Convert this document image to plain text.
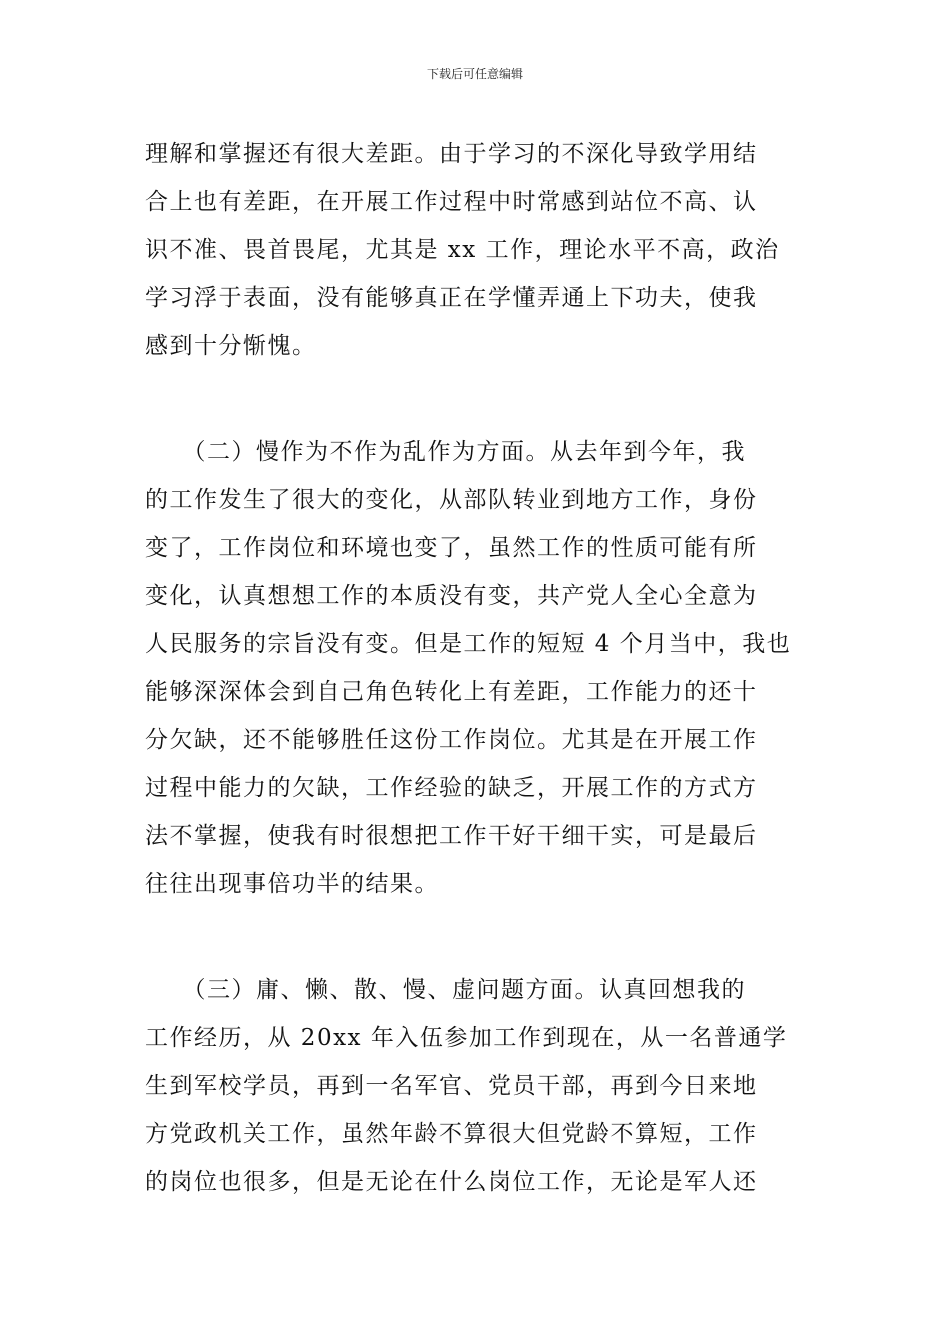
下载后可任意编辑
理解和掌握还有很大差距。由于学习的不深化导致学用结
合上也有差距，在开展工作过程中时常感到站位不高、认
识不准、畏首畏尾，尤其是 xx 工作，理论水平不高，政治
学习浮于表面，没有能够真正在学懂弄通上下功夫，使我
感到十分惭愧。
　　（二）慢作为不作为乱作为方面。从去年到今年，我
的工作发生了很大的变化，从部队转业到地方工作，身份
变了，工作岗位和环境也变了，虽然工作的性质可能有所
变化，认真想想工作的本质没有变，共产党人全心全意为
人民服务的宗旨没有变。但是工作的短短 4 个月当中，我也
能够深深体会到自己角色转化上有差距，工作能力的还十
分欠缺，还不能够胜任这份工作岗位。尤其是在开展工作
过程中能力的欠缺，工作经验的缺乏，开展工作的方式方
法不掌握，使我有时很想把工作干好干细干实，可是最后
往往出现事倍功半的结果。
　　（三）庸、懒、散、慢、虚问题方面。认真回想我的
工作经历，从 20xx 年入伍参加工作到现在，从一名普通学
生到军校学员，再到一名军官、党员干部，再到今日来地
方党政机关工作，虽然年龄不算很大但党龄不算短，工作
的岗位也很多，但是无论在什么岗位工作，无论是军人还
